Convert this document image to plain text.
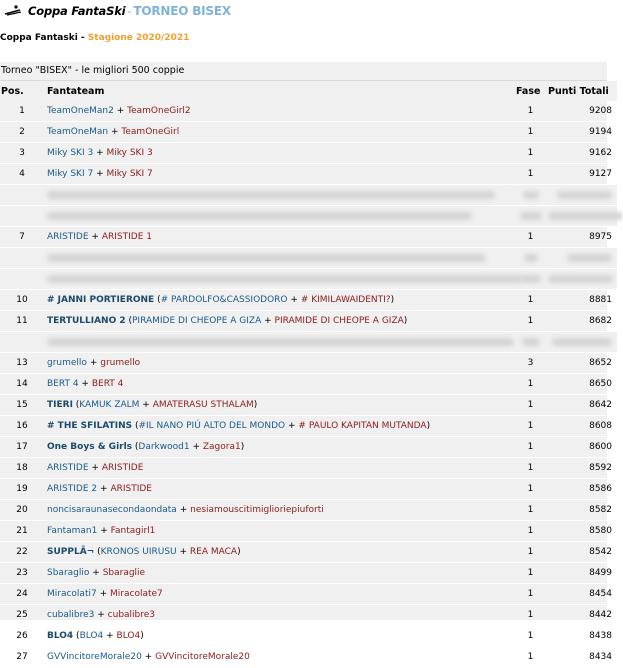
Coppa FantaSki - TORNEO BISEX
Coppa Fantaski - Stagione 2020/2021
Torneo "BISEX" - le migliori 500 coppie
Pos.	Fantateam	Fase	Punti Totali
1	TeamOneMan2 + TeamOneGirl2	1	9208
2	TeamOneMan + TeamOneGirl	1	9194
3	Miky SKI 3 + Miky SKI 3	1	9162
4	Miky SKI 7 + Miky SKI 7	1	9127

7	ARISTIDE + ARISTIDE 1	1	8975

10	# JANNI PORTIERONE (# PARDOLFO&CASSIODORO + # KIMILAWAIDENTI?)	1	8881
11	TERTULLIANO 2 (PIRAMIDE DI CHEOPE A GIZA + PIRAMIDE DI CHEOPE A GIZA)	1	8682

13	grumello + grumello	3	8652
14	BERT 4 + BERT 4	1	8650
15	TIERI (KAMUK ZALM + AMATERASU STHALAM)	1	8642
16	# THE SFILATINS (#IL NANO PIÚ ALTO DEL MONDO + # PAULO KAPITAN MUTANDA)	1	8608
17	One Boys & Girls (Darkwood1 + Zagora1)	1	8600
18	ARISTIDE + ARISTIDE	1	8592
19	ARISTIDE 2 + ARISTIDE	1	8586
20	noncisaraunasecondaondata + nesiamouscitimiglioriepiuforti	1	8582
21	Fantaman1 + Fantagirl1	1	8580
22	SUPPLÃ¬ (KRONOS UIRUSU + REA MACA)	1	8542
23	Sbaraglio + Sbaraglie	1	8499
24	Miracolati7 + Miracolate7	1	8454
25	cubalibre3 + cubalibre3	1	8442
26	BLO4 (BLO4 + BLO4)	1	8438
27	GVVincitoreMorale20 + GVVincitoreMorale20	1	8434
